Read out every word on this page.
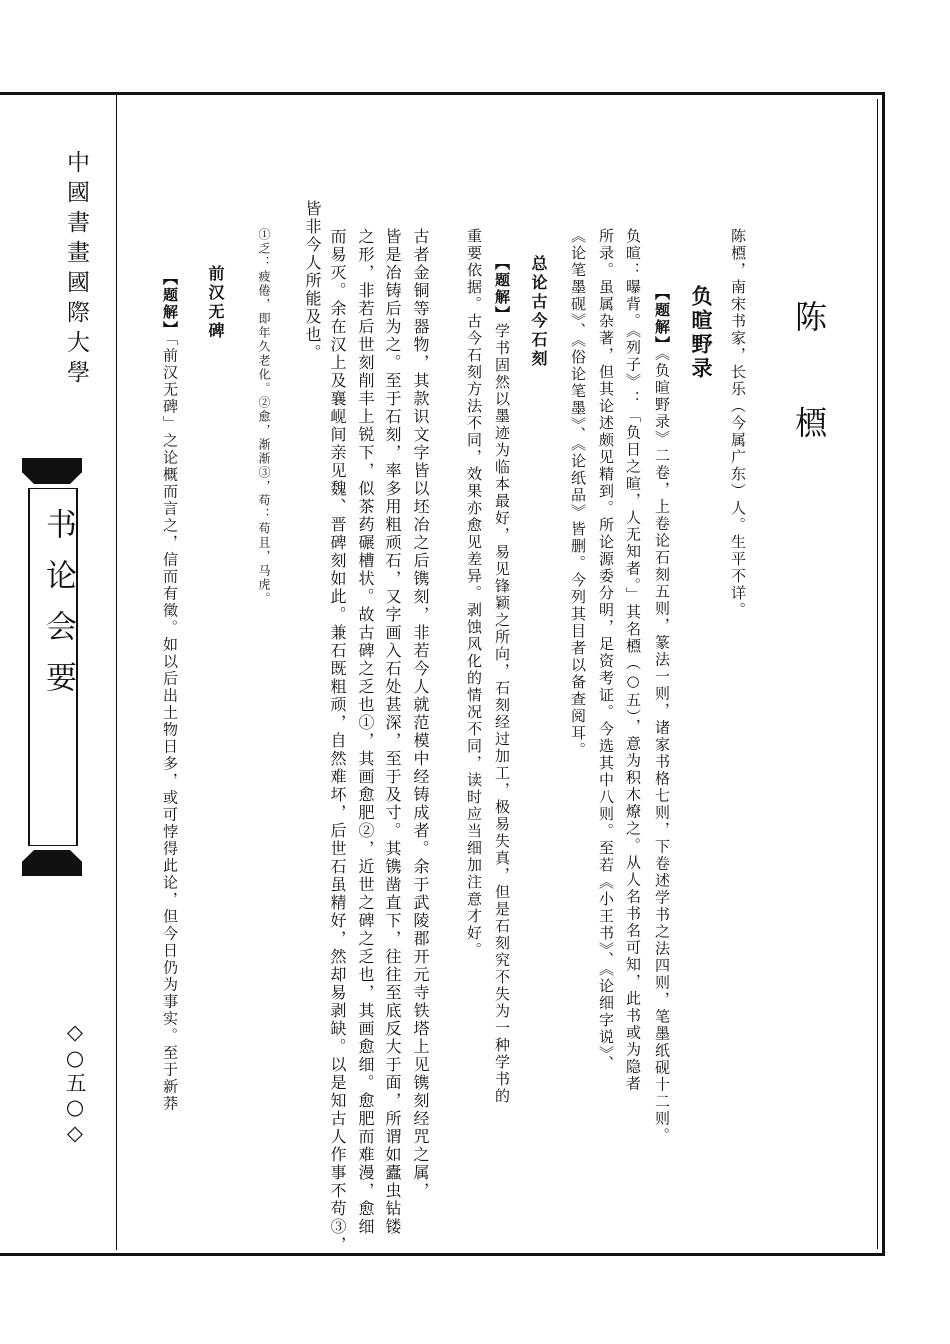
中國書畫國際大學
书论会要
◇○五○◇
陈 槱
陈槱，南宋书家，长乐（今属广东）人。生平不详。
负暄野录
【题解】《负暄野录》二卷，上卷论石刻五则，篆法一则，诸家书格七则，下卷述学书之法四则，笔墨纸砚十二则。
负暄：曝背。《列子》：「负日之暄，人无知者。」其名槱（○五），意为积木燎之。从人名书名可知，此书或为隐者
所录。虽属杂著，但其论述颇见精到。所论源委分明，足资考证。今选其中八则。至若《小王书》、《论细字说》、
《论笔墨砚》、《俗论笔墨》、《论纸品》皆删。今列其目者以备查阅耳。
总论古今石刻
【题解】学书固然以墨迹为临本最好，易见锋颖之所向，石刻经过加工，极易失真，但是石刻究不失为一种学书的
重要依据。古今石刻方法不同，效果亦愈见差异。剥蚀风化的情况不同，读时应当细加注意才好。
古者金铜等器物，其款识文字皆以坯冶之后镌刻，非若今人就范模中经铸成者。余于武陵郡开元寺铁塔上见镌刻经咒之属，
皆是冶铸后为之。至于石刻，率多用粗顽石，又字画入石处甚深，至于及寸。其镌凿直下，往往至底反大于面，所谓如蠹虫钻镂
之形，非若后世刻削丰上锐下，似茶药碾槽状。故古碑之乏也①，其画愈肥②，近世之碑之乏也，其画愈细。愈肥而难漫，愈细
而易灭。余在汉上及襄岘间亲见魏、晋碑刻如此。兼石既粗顽，自然难坏，后世石虽精好，然却易剥缺。以是知古人作事不苟③，
皆非今人所能及也。
①乏：疲倦，即年久老化。②愈，渐渐③，苟：苟且，马虎。
前汉无碑
【题解】「前汉无碑」之论概而言之，信而有徵。如以后出土物日多，或可悖得此论，但今日仍为事实。至于新莽
